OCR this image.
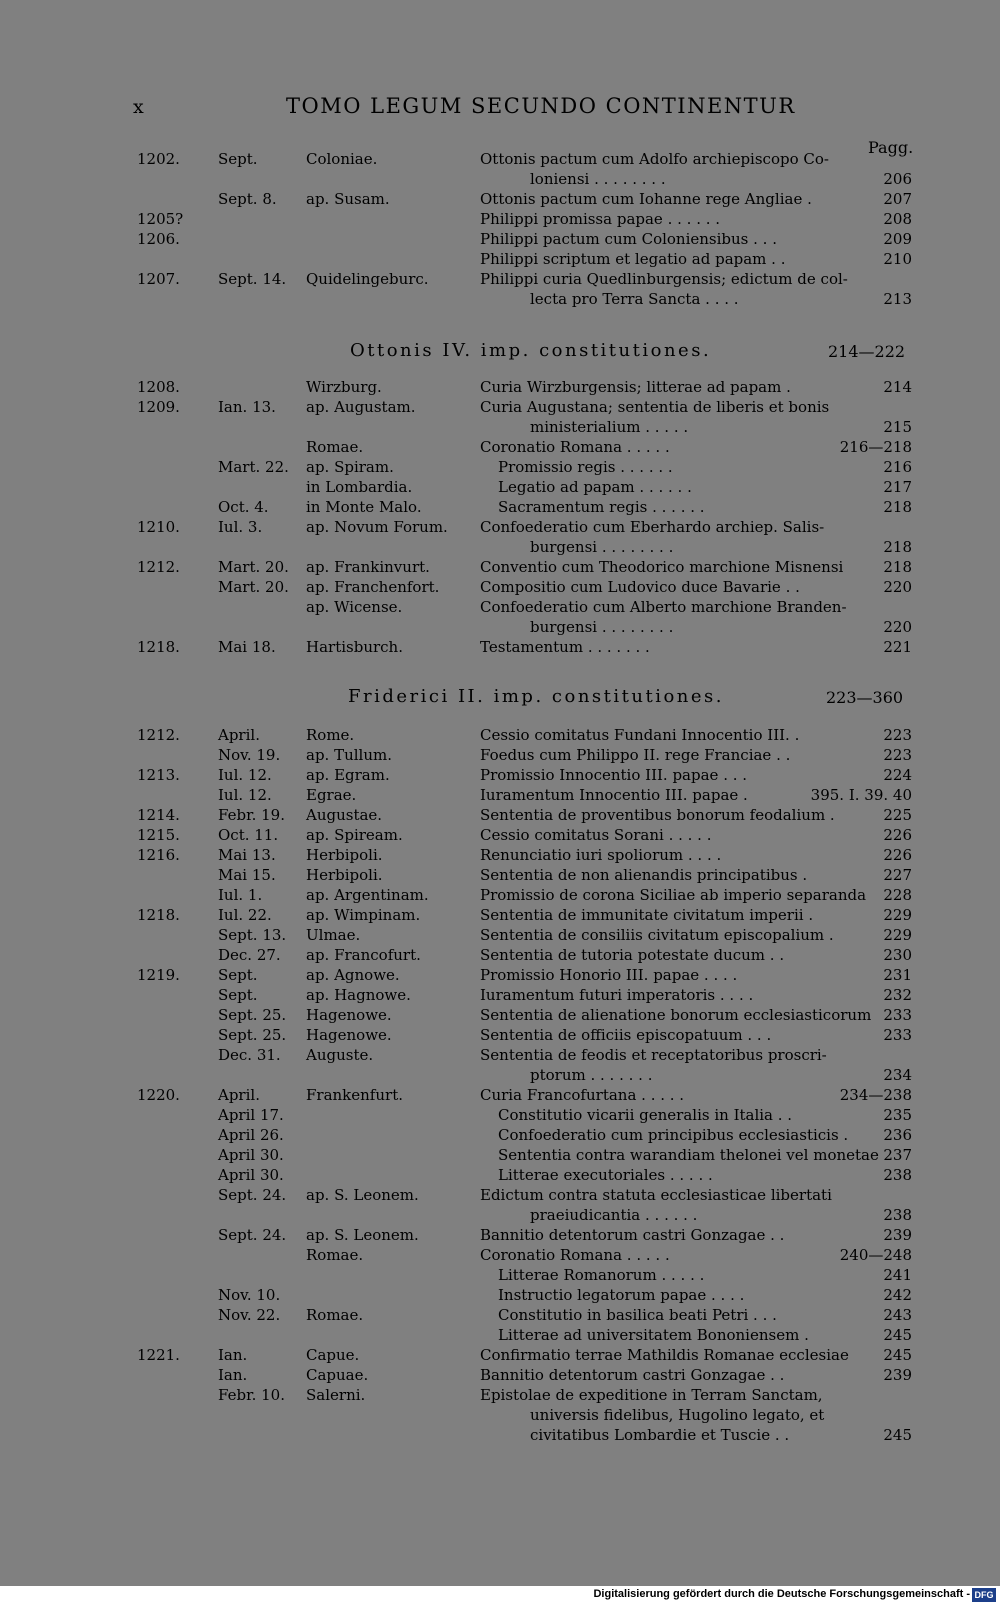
x	TOMO LEGUM SECUNDO CONTINENTUR
Pagg.
1202.	Sept.	Coloniae.	Ottonis pactum cum Adolfo archiepiscopo Co-
loniensi . . . . . . . .	206
Sept. 8. ap. Susam.	Ottonis pactum cum Iohanne rege Angliae .	207
1205?	Philippi promissa papae . . . . . .	208
1206.	Philippi pactum cum Coloniensibus . . .	209
Philippi scriptum et legatio ad papam . .	210
1207.	Sept. 14. Quidelingeburc.	Philippi curia Quedlinburgensis; edictum de col-
lecta pro Terra Sancta . . . .	213
Ottonis IV. imp. constitutiones.	214—222
1208.	Wirzburg.	Curia Wirzburgensis; litterae ad papam .	214
1209.	Ian. 13. ap. Augustam.	Curia Augustana; sententia de liberis et bonis
ministerialium . . . . .	215
Romae.	Coronatio Romana . . . . .	216—218
Mart. 22. ap. Spiram.	Promissio regis . . . . . .	216
in Lombardia.	Legatio ad papam . . . . . .	217
Oct. 4. in Monte Malo.	Sacramentum regis . . . . . .	218
1210.	Iul. 3.	ap. Novum Forum. Confoederatio cum Eberhardo archiep. Salis-
burgensi . . . . . . . .	218
1212.	Mart. 20. ap. Frankinvurt.	Conventio cum Theodorico marchione Misnensi	218
Mart. 20. ap. Franchenfort.	Compositio cum Ludovico duce Bavarie . .	220
ap. Wicense.	Confoederatio cum Alberto marchione Branden-
burgensi . . . . . . . .	220
1218.	Mai 18. Hartisburch.	Testamentum . . . . . . .	221
Friderici II. imp. constitutiones.	223—360
1212.	April.	Rome.	Cessio comitatus Fundani Innocentio III. .	223
Nov. 19. ap. Tullum.	Foedus cum Philippo II. rege Franciae . .	223
1213.	Iul. 12. ap. Egram.	Promissio Innocentio III. papae . . .	224
Iul. 12. Egrae.	Iuramentum Innocentio III. papae .	395. I. 39. 40
1214.	Febr. 19. Augustae.	Sententia de proventibus bonorum feodalium .	225
1215.	Oct. 11. ap. Spiream.	Cessio comitatus Sorani . . . . .	226
1216.	Mai 13. Herbipoli.	Renunciatio iuri spoliorum . . . .	226
Mai 15. Herbipoli.	Sententia de non alienandis principatibus .	227
Iul. 1.	ap. Argentinam.	Promissio de corona Siciliae ab imperio separanda 228
1218.	Iul. 22. ap. Wimpinam.	Sententia de immunitate civitatum imperii .	229
Sept. 13. Ulmae.	Sententia de consiliis civitatum episcopalium .	229
Dec. 27. ap. Francofurt.	Sententia de tutoria potestate ducum . .	230
1219.	Sept.	ap. Agnowe.	Promissio Honorio III. papae . . . .	231
Sept.	ap. Hagnowe.	Iuramentum futuri imperatoris . . . .	232
Sept. 25. Hagenowe.	Sententia de alienatione bonorum ecclesiasticorum 233
Sept. 25. Hagenowe.	Sententia de officiis episcopatuum . . .	233
Dec. 31. Auguste.	Sententia de feodis et receptatoribus proscri-
ptorum . . . . . . .	234
1220.	April.	Frankenfurt.	Curia Francofurtana . . . . .	234—238
April 17.	Constitutio vicarii generalis in Italia . .	235
April 26.	Confoederatio cum principibus ecclesiasticis . 236
April 30.	Sententia contra warandiam thelonei vel monetae 237
April 30.	Litterae executoriales . . . . .	238
Sept. 24. ap. S. Leonem.	Edictum contra statuta ecclesiasticae libertati
praeiudicantia . . . . . .	238
Sept. 24. ap. S. Leonem.	Bannitio detentorum castri Gonzagae . .	239
Romae.	Coronatio Romana . . . . .	240—248
Litterae Romanorum . . . . .	241
Nov. 10.	Instructio legatorum papae . . . .	242
Nov. 22. Romae.	Constitutio in basilica beati Petri . . .	243
Litterae ad universitatem Bononiensem .	245
1221.	Ian.	Capue.	Confirmatio terrae Mathildis Romanae ecclesiae 245
Ian.	Capuae.	Bannitio detentorum castri Gonzagae . .	239
Febr. 10. Salerni.	Epistolae de expeditione in Terram Sanctam,
universis fidelibus, Hugolino legato, et
civitatibus Lombardie et Tuscie . .	245
Digitalisierung gefördert durch die Deutsche Forschungsgemeinschaft - DFG
